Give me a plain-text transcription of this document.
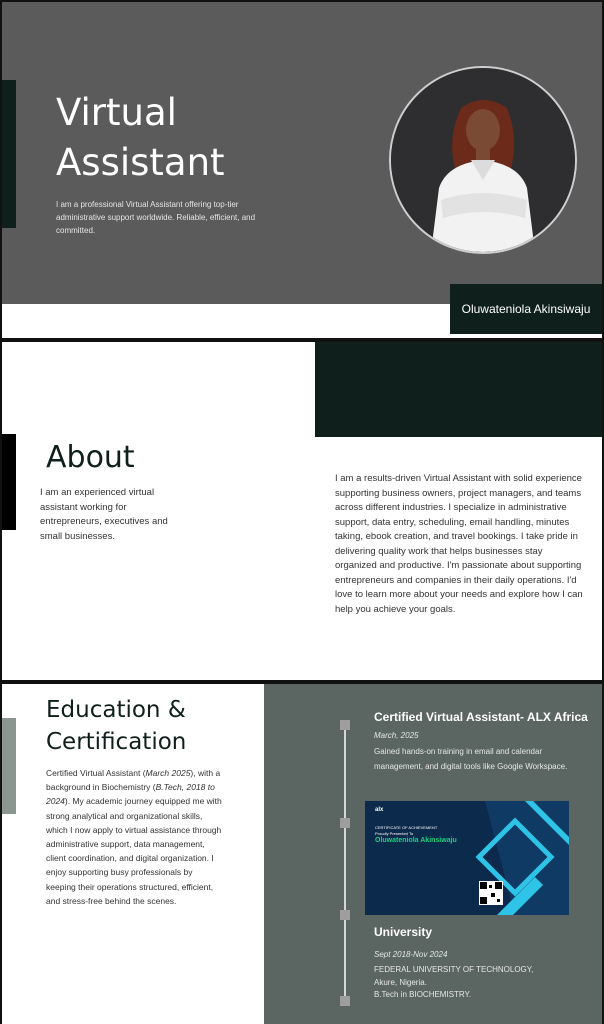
Virtual
Assistant

I am a professional Virtual Assistant offering top-tier administrative support worldwide. Reliable, efficient, and committed.

Oluwateniola Akinsiwaju
About

I am an experienced virtual assistant working for entrepreneurs, executives and small businesses.

I am a results-driven Virtual Assistant with solid experience supporting business owners, project managers, and teams across different industries. I specialize in administrative support, data entry, scheduling, email handling, minutes taking, ebook creation, and travel bookings. I take pride in delivering quality work that helps businesses stay organized and productive. I'm passionate about supporting entrepreneurs and companies in their daily operations. I'd love to learn more about your needs and explore how I can help you achieve your goals.

Education & Certification

Certified Virtual Assistant (March 2025), with a background in Biochemistry (B.Tech, 2018 to 2024). My academic journey equipped me with strong analytical and organizational skills, which I now apply to virtual assistance through administrative support, data management, client coordination, and digital organization. I enjoy supporting busy professionals by keeping their operations structured, efficient, and stress-free behind the scenes.

Certified Virtual Assistant- ALX Africa

March, 2025

Gained hands-on training in email and calendar management, and digital tools like Google Workspace.

alx
CERTIFICATE OF ACHIEVEMENT
Proudly Presented To
Oluwateniola Akinsiwaju

University

Sept 2018-Nov 2024

FEDERAL UNIVERSITY OF TECHNOLOGY,
Akure, Nigeria.
B.Tech in BIOCHEMISTRY.
